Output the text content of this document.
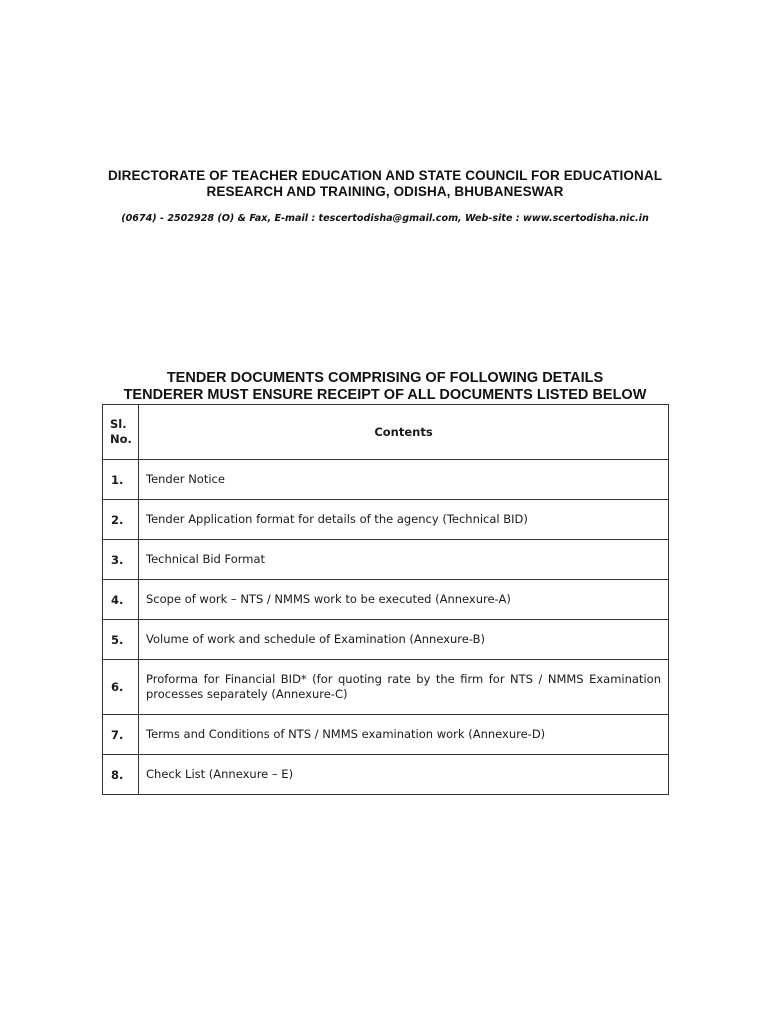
DIRECTORATE OF TEACHER EDUCATION AND STATE COUNCIL FOR EDUCATIONAL
RESEARCH AND TRAINING, ODISHA, BHUBANESWAR
(0674) - 2502928 (O) & Fax, E-mail : tescertodisha@gmail.com, Web-site : www.scertodisha.nic.in
TENDER DOCUMENTS COMPRISING OF FOLLOWING DETAILS
TENDERER MUST ENSURE RECEIPT OF ALL DOCUMENTS LISTED BELOW
Sl.
No.	Contents
1.	Tender Notice
2.	Tender Application format for details of the agency (Technical BID)
3.	Technical Bid Format
4.	Scope of work – NTS / NMMS work to be executed (Annexure-A)
5.	Volume of work and schedule of Examination (Annexure-B)
6.	Proforma for Financial BID* (for quoting rate by the firm for NTS / NMMS Examination processes separately (Annexure-C)
7.	Terms and Conditions of NTS / NMMS examination work (Annexure-D)
8.	Check List (Annexure – E)
